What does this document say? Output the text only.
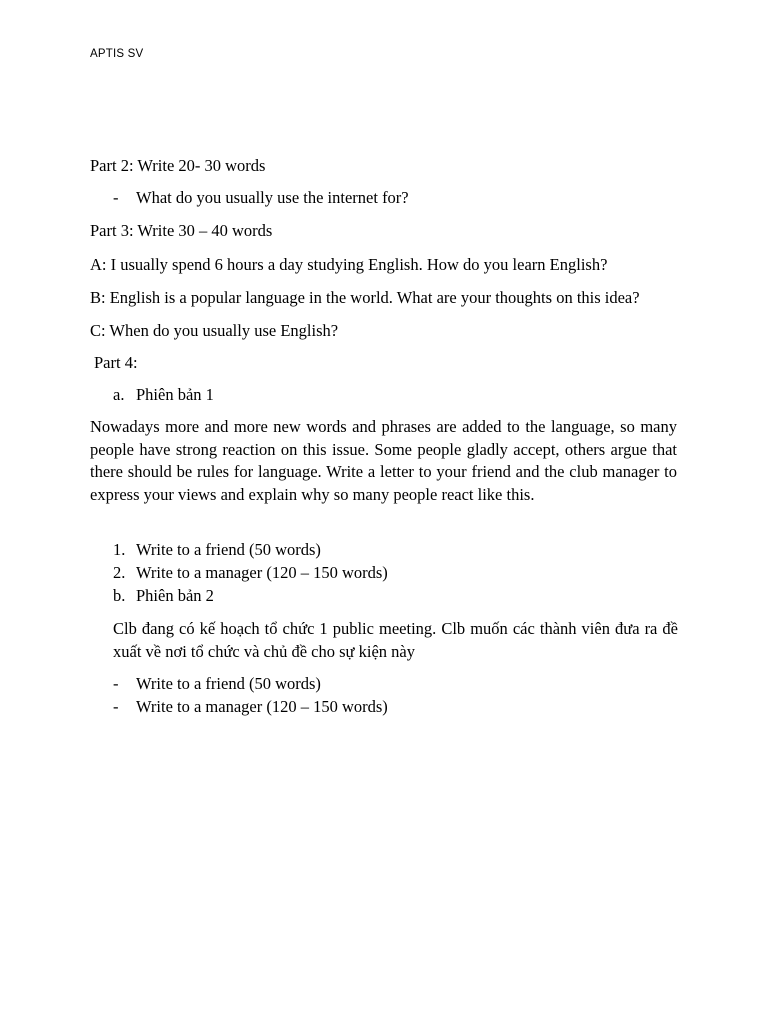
APTIS SV
Part 2: Write 20- 30 words
- What do you usually use the internet for?
Part 3: Write 30 – 40 words
A: I usually spend 6 hours a day studying English. How do you learn English?
B: English is a popular language in the world. What are your thoughts on this idea?
C: When do you usually use English?
Part 4:
a. Phiên bản 1
Nowadays more and more new words and phrases are added to the language, so many people have strong reaction on this issue. Some people gladly accept, others argue that there should be rules for language. Write a letter to your friend and the club manager to express your views and explain why so many people react like this.
1. Write to a friend (50 words)
2. Write to a manager (120 – 150 words)
b. Phiên bản 2
Clb đang có kế hoạch tổ chức 1 public meeting. Clb muốn các thành viên đưa ra đề xuất về nơi tổ chức và chủ đề cho sự kiện này
- Write to a friend (50 words)
- Write to a manager (120 – 150 words)
